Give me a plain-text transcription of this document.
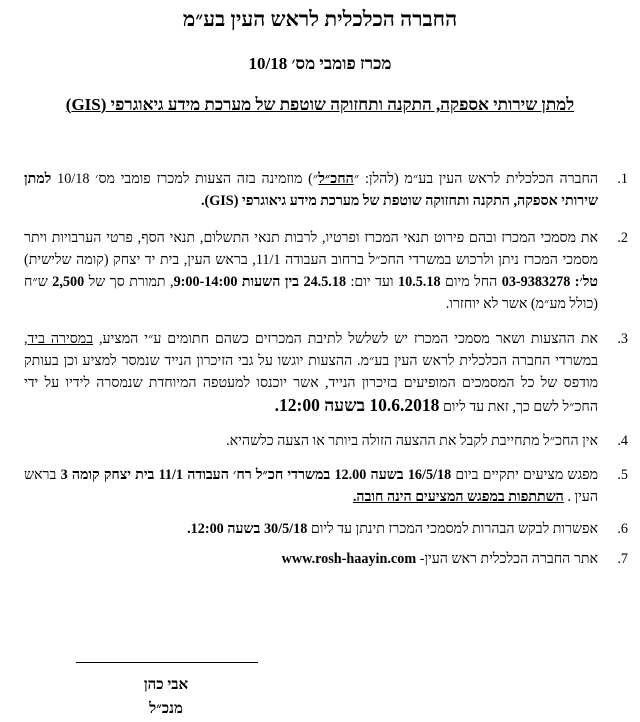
החברה הכלכלית לראש העין בע״מ
מכרז פומבי מס׳ 10/18
למתן שירותי אספקה, התקנה ותחזוקה שוטפת של מערכת מידע גיאוגרפי (GIS)
.1
החברה הכלכלית לראש העין בע״מ (להלן: ״החכ״ל״) מוזמינה בזה הצעות למכרז פומבי מס׳ 10/18 למתן שירותי אספקה, התקנה ותחזוקה שוטפת של מערכת מידע גיאוגרפי (GIS).
.2
את מסמכי המכרז ובהם פירוט תנאי המכרז ופרטיו, לרבות תנאי התשלום, תנאי הסף, פרטי הערבויות ויתר מסמכי המכרז ניתן ולרכוש במשרדי החכ״ל ברחוב העבודה 11/1, בראש העין, בית יד יצחק (קומה שלישית) טל׳: 03-9383278 החל מיום 10.5.18 ועד יום: 24.5.18 בין השעות 9:00-14:00, תמורת סך של 2,500 ש״ח (כולל מע״מ) אשר לא יוחזרו.
.3
את ההצעות ושאר מסמכי המכרז יש לשלשל לתיבת המכרזים כשהם חתומים ע״י המציע, במסירה ביד, במשרדי החברה הכלכלית לראש העין בע״מ. ההצעות יוגשו על גבי הזיכרון הנייד שנמסר למציע וכן בעותק מודפס של כל המסמכים המופיעים בזיכרון הנייד, אשר יוכנסו למעטפה המיוחדת שנמסרה לידיו על ידי החכ״ל לשם כך, זאת עד ליום 10.6.2018 בשעה 12:00.
.4
אין החכ״ל מתחייבת לקבל את ההצעה הזולה ביותר או הצעה כלשהיא.
.5
מפגש מציעים יתקיים ביום 16/5/18 בשעה 12.00 במשרדי חכ״ל רח׳ העבודה 11/1 בית יצחק קומה 3 בראש העין . השתתפות במפגש המציעים הינה חובה.
.6
אפשרות לבקש הבהרות למסמכי המכרז תינתן עד ליום 30/5/18 בשעה 12:00.
.7
אתר החברה הכלכלית ראש העין- www.rosh-haayin.com
אבי כהן
מנכ״ל
